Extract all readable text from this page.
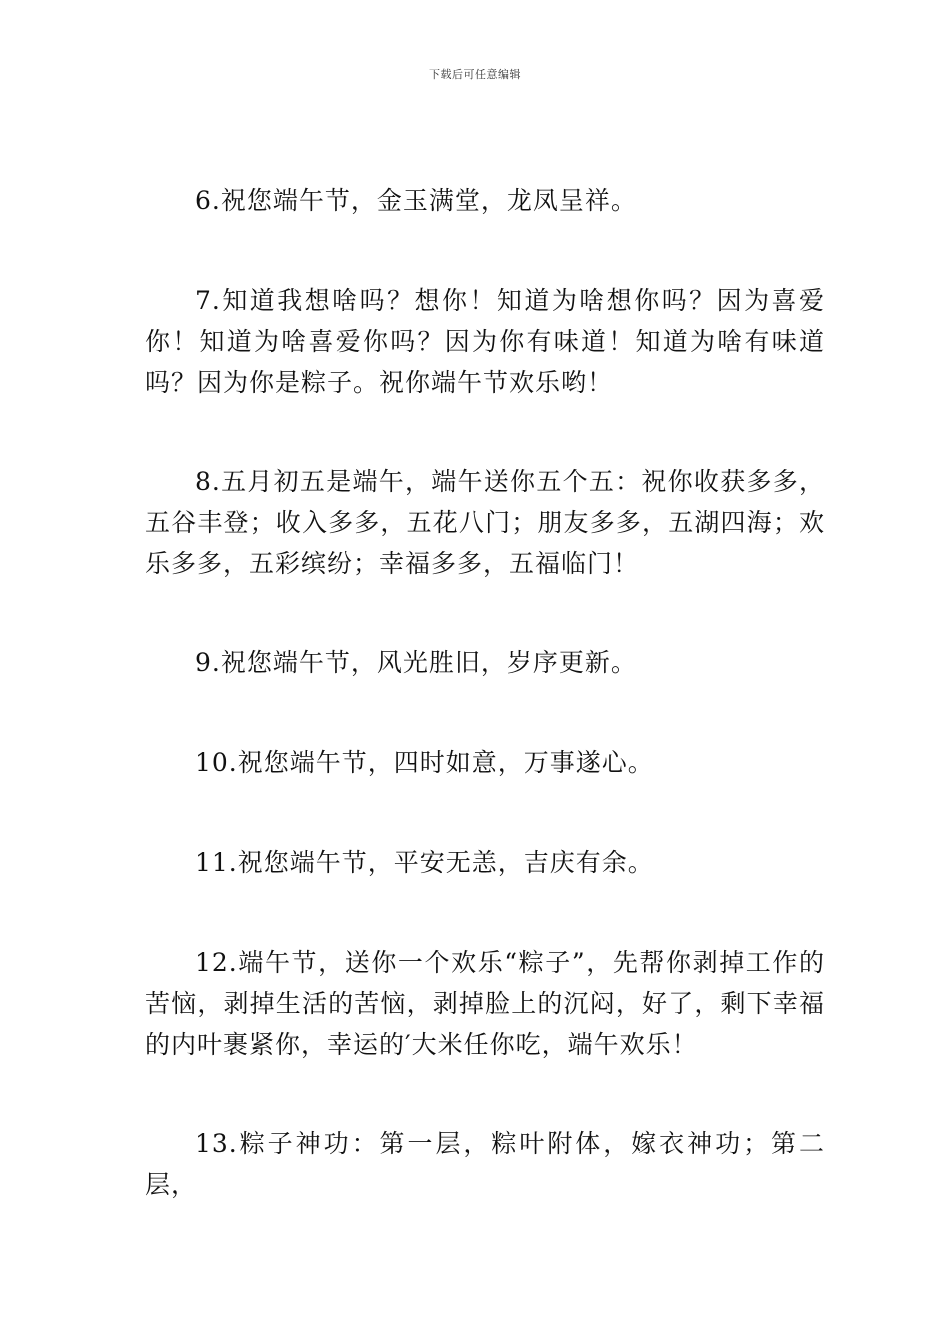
下载后可任意编辑

6.祝您端午节，金玉满堂，龙凤呈祥。

7.知道我想啥吗？想你！知道为啥想你吗？因为喜爱你！知道为啥喜爱你吗？因为你有味道！知道为啥有味道吗？因为你是粽子。祝你端午节欢乐哟！

8.五月初五是端午，端午送你五个五：祝你收获多多，五谷丰登；收入多多，五花八门；朋友多多，五湖四海；欢乐多多，五彩缤纷；幸福多多，五福临门！

9.祝您端午节，风光胜旧，岁序更新。

10.祝您端午节，四时如意，万事遂心。

11.祝您端午节，平安无恙，吉庆有余。

12.端午节，送你一个欢乐“粽子”，先帮你剥掉工作的苦恼，剥掉生活的苦恼，剥掉脸上的沉闷，好了，剩下幸福的内叶裹紧你，幸运的′大米任你吃，端午欢乐！

13.粽子神功：第一层，粽叶附体，嫁衣神功；第二层，
